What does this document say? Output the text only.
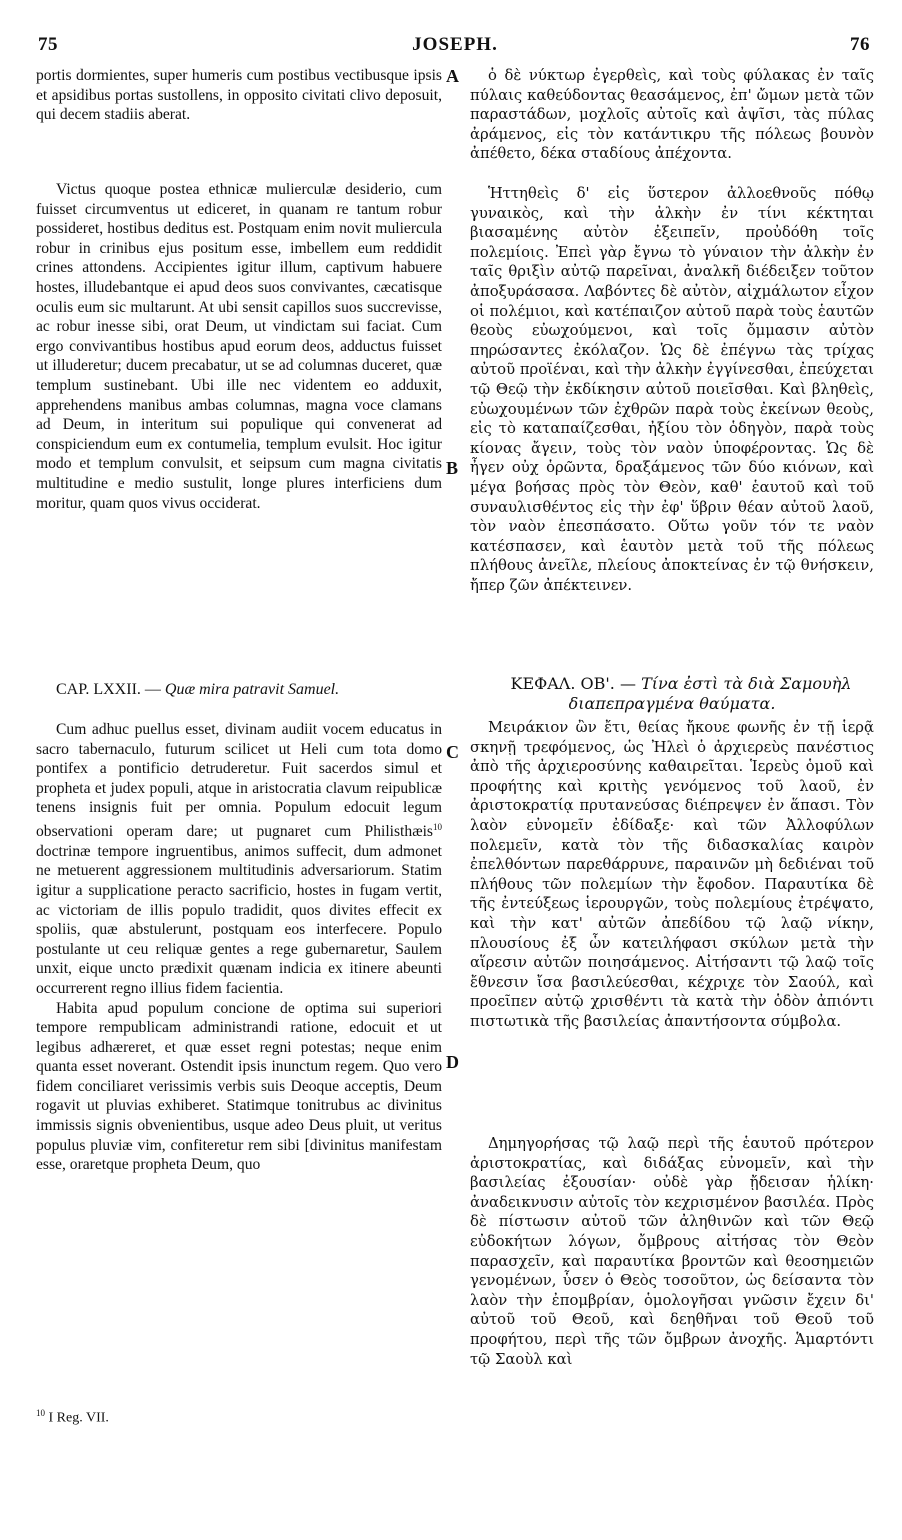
75	JOSEPH.	76

portis dormientes, super humeris cum postibus vectibusque ipsis et apsidibus portas sustollens, in opposito civitati clivo deposuit, qui decem stadiis aberat.

Victus quoque postea ethnicæ mulierculæ desiderio, cum fuisset circumventus ut ediceret, in quanam re tantum robur possideret, hostibus deditus est. Postquam enim novit muliercula robur in crinibus ejus positum esse, imbellem eum reddidit crines attondens. Accipientes igitur illum, captivum habuere hostes, illudebantque ei apud deos suos convivantes, cæcatisque oculis eum sic multarunt. At ubi sensit capillos suos succrevisse, ac robur inesse sibi, orat Deum, ut vindictam sui faciat. Cum ergo convivantibus hostibus apud eorum deos, adductus fuisset ut illuderetur; ducem precabatur, ut se ad columnas duceret, quæ templum sustinebant. Ubi ille nec videntem eo adduxit, apprehendens manibus ambas columnas, magna voce clamans ad Deum, in interitum sui populique qui convenerat ad conspiciendum eum ex contumelia, templum evulsit. Hoc igitur modo et templum convulsit, et seipsum cum magna civitatis multitudine e medio sustulit, longe plures interficiens dum moritur, quam quos vivus occiderat.

CAP. LXXII. — Quæ mira patravit Samuel.

Cum adhuc puellus esset, divinam audiit vocem educatus in sacro tabernaculo, futurum scilicet ut Heli cum tota domo pontifex a pontificio detruderetur. Fuit sacerdos simul et propheta et judex populi, atque in aristocratia clavum reipublicæ tenens insignis fuit per omnia. Populum edocuit legum observationi operam dare; ut pugnaret cum Philisthæis$^{10}$ doctrinæ tempore ingruentibus, animos suffecit, dum admonet ne metuerent aggressionem multitudinis adversariorum. Statim igitur a supplicatione peracto sacrificio, hostes in fugam vertit, ac victoriam de illis populo tradidit, quos divites effecit ex spoliis, quæ abstulerunt, postquam eos interfecere. Populo postulante ut ceu reliquæ gentes a rege gubernaretur, Saulem unxit, eique uncto prædixit quænam indicia ex itinere abeunti occurrerent regno illius fidem facientia.

Habita apud populum concione de optima sui superiori tempore rempublicam administrandi ratione, edocuit et ut legibus adhæreret, et quæ esset regni potestas; neque enim quanta esset noverant. Ostendit ipsis inunctum regem. Quo vero fidem conciliaret verissimis verbis suis Deoque acceptis, Deum rogavit ut pluvias exhiberet. Statimque tonitrubus ac divinitus immissis signis obvenientibus, usque adeo Deus pluit, ut veritus populus pluviæ vim, confiteretur rem sibi [divinitus manifestam esse, oraretque propheta Deum, quo

$^{10}$ I Reg. VII.
A
B
C
D

ὁ δὲ νύκτωρ ἐγερθεὶς, καὶ τοὺς φύλακας ἐν ταῖς πύλαις καθεύδοντας θεασάμενος, ἐπ' ὤμων μετὰ τῶν παραστάδων, μοχλοῖς αὐτοῖς καὶ ἀψῖσι, τὰς πύλας ἀράμενος, εἰς τὸν κατάντικρυ τῆς πόλεως βουνὸν ἀπέθετο, δέκα σταδίους ἀπέχοντα.

Ἡττηθεὶς δ' εἰς ὕστερον ἀλλοεθνοῦς πόθῳ γυναικὸς, καὶ τὴν ἀλκὴν ἐν τίνι κέκτηται βιασαμένης αὐτὸν ἐξειπεῖν, προὐδόθη τοῖς πολεμίοις. Ἐπεὶ γὰρ ἔγνω τὸ γύναιον τὴν ἀλκὴν ἐν ταῖς θριξὶν αὐτῷ παρεῖναι, ἀναλκῆ διέδειξεν τοῦτον ἀποξυράσασα. Λαβόντες δὲ αὐτὸν, αἰχμάλωτον εἶχον οἱ πολέμιοι, καὶ κατέπαιζον αὐτοῦ παρὰ τοὺς ἑαυτῶν θεοὺς εὐωχούμενοι, καὶ τοῖς ὄμμασιν αὐτὸν πηρώσαντες ἐκόλαζον. Ὡς δὲ ἐπέγνω τὰς τρίχας αὐτοῦ προϊέναι, καὶ τὴν ἀλκὴν ἐγγίνεσθαι, ἐπεύχεται τῷ Θεῷ τὴν ἐκδίκησιν αὐτοῦ ποιεῖσθαι. Καὶ βληθεὶς, εὐωχουμένων τῶν ἐχθρῶν παρὰ τοὺς ἐκείνων θεοὺς, εἰς τὸ καταπαίζεσθαι, ἠξίου τὸν ὁδηγὸν, παρὰ τοὺς κίονας ἄγειν, τοὺς τὸν ναὸν ὑποφέροντας. Ὡς δὲ ἦγεν οὐχ ὁρῶντα, δραξάμενος τῶν δύο κιόνων, καὶ μέγα βοήσας πρὸς τὸν Θεὸν, καθ' ἑαυτοῦ καὶ τοῦ συναυλισθέντος εἰς τὴν ἐφ' ὕβριν θέαν αὐτοῦ λαοῦ, τὸν ναὸν ἐπεσπάσατο. Οὕτω γοῦν τόν τε ναὸν κατέσπασεν, καὶ ἑαυτὸν μετὰ τοῦ τῆς πόλεως πλήθους ἀνεῖλε, πλείους ἀποκτείνας ἐν τῷ θνήσκειν, ἤπερ ζῶν ἀπέκτεινεν.

ΚΕΦΑΛ. ΟΒ'. — Τίνα ἐστὶ τὰ διὰ Σαμουὴλ διαπεπραγμένα θαύματα.

Μειράκιον ὢν ἔτι, θείας ἤκουε φωνῆς ἐν τῇ ἱερᾷ σκηνῇ τρεφόμενος, ὡς Ἠλεὶ ὁ ἀρχιερεὺς πανέστιος ἀπὸ τῆς ἀρχιεροσύνης καθαιρεῖται. Ἱερεὺς ὁμοῦ καὶ προφήτης καὶ κριτὴς γενόμενος τοῦ λαοῦ, ἐν ἀριστοκρατίᾳ πρυτανεύσας διέπρεψεν ἐν ἅπασι. Τὸν λαὸν εὐνομεῖν ἐδίδαξε· καὶ τῶν Ἀλλοφύλων πολεμεῖν, κατὰ τὸν τῆς διδασκαλίας καιρὸν ἐπελθόντων παρεθάρρυνε, παραινῶν μὴ δεδιέναι τοῦ πλήθους τῶν πολεμίων τὴν ἔφοδον. Παραυτίκα δὲ τῆς ἐντεύξεως ἱερουργῶν, τοὺς πολεμίους ἐτρέψατο, καὶ τὴν κατ' αὐτῶν ἀπεδίδου τῷ λαῷ νίκην, πλουσίους ἐξ ὧν κατειλήφασι σκύλων μετὰ τὴν αἵρεσιν αὐτῶν ποιησάμενος. Αἰτήσαντι τῷ λαῷ τοῖς ἔθνεσιν ἴσα βασιλεύεσθαι, κέχριχε τὸν Σαούλ, καὶ προεῖπεν αὐτῷ χρισθέντι τὰ κατὰ τὴν ὁδὸν ἀπιόντι πιστωτικὰ τῆς βασιλείας ἀπαντήσοντα σύμβολα.

Δημηγορήσας τῷ λαῷ περὶ τῆς ἑαυτοῦ πρότερον ἀριστοκρατίας, καὶ διδάξας εὐνομεῖν, καὶ τὴν βασιλείας ἐξουσίαν· οὐδὲ γὰρ ᾔδεισαν ἡλίκη· ἀναδεικνυσιν αὐτοῖς τὸν κεχρισμένον βασιλέα. Πρὸς δὲ πίστωσιν αὐτοῦ τῶν ἀληθινῶν καὶ τῶν Θεῷ εὐδοκήτων λόγων, ὄμβρους αἰτήσας τὸν Θεὸν παρασχεῖν, καὶ παραυτίκα βροντῶν καὶ θεοσημειῶν γενομένων, ὗσεν ὁ Θεὸς τοσοῦτον, ὡς δείσαντα τὸν λαὸν τὴν ἐπομβρίαν, ὁμολογῆσαι γνῶσιν ἔχειν δι' αὐτοῦ τοῦ Θεοῦ, καὶ δεηθῆναι τοῦ Θεοῦ τοῦ προφήτου, περὶ τῆς τῶν ὄμβρων ἀνοχῆς. Ἁμαρτόντι τῷ Σαοὺλ καὶ
